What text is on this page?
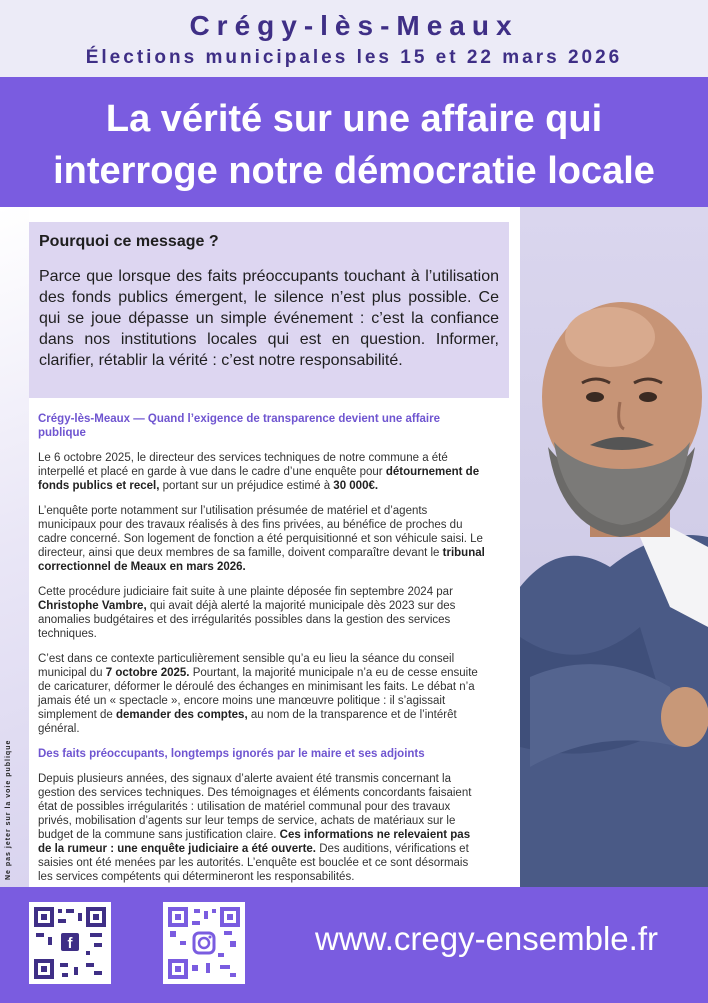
Crégy-lès-Meaux
Élections municipales les 15 et 22 mars 2026
La vérité sur une affaire qui
interroge notre démocratie locale
Pourquoi ce message ?
Parce que lorsque des faits préoccupants touchant à l’utilisation des fonds publics émergent, le silence n’est plus possible. Ce qui se joue dépasse un simple événement : c’est la confiance dans nos institutions locales qui est en question. Informer, clarifier, rétablir la vérité : c’est notre responsabilité.
Crégy-lès-Meaux — Quand l’exigence de transparence devient une affaire publique

Le 6 octobre 2025, le directeur des services techniques de notre commune a été interpellé et placé en garde à vue dans le cadre d’une enquête pour détournement de fonds publics et recel, portant sur un préjudice estimé à 30 000€.

L’enquête porte notamment sur l’utilisation présumée de matériel et d’agents municipaux pour des travaux réalisés à des fins privées, au bénéfice de proches du cadre concerné. Son logement de fonction a été perquisitionné et son véhicule saisi. Le directeur, ainsi que deux membres de sa famille, doivent comparaître devant le tribunal correctionnel de Meaux en mars 2026.

Cette procédure judiciaire fait suite à une plainte déposée fin septembre 2024 par Christophe Vambre, qui avait déjà alerté la majorité municipale dès 2023 sur des anomalies budgétaires et des irrégularités possibles dans la gestion des services techniques.

C’est dans ce contexte particulièrement sensible qu’a eu lieu la séance du conseil municipal du 7 octobre 2025. Pourtant, la majorité municipale n’a eu de cesse ensuite de caricaturer, déformer le déroulé des échanges en minimisant les faits. Le débat n’a jamais été un « spectacle », encore moins une manœuvre politique : il s’agissait simplement de demander des comptes, au nom de la transparence et de l’intérêt général.

Des faits préoccupants, longtemps ignorés par le maire et ses adjoints

Depuis plusieurs années, des signaux d’alerte avaient été transmis concernant la gestion des services techniques. Des témoignages et éléments concordants faisaient état de possibles irrégularités : utilisation de matériel communal pour des travaux privés, mobilisation d’agents sur leur temps de service, achats de matériaux sur le budget de la commune sans justification claire. Ces informations ne relevaient pas de la rumeur : une enquête judiciaire a été ouverte. Des auditions, vérifications et saisies ont été menées par les autorités. L’enquête est bouclée et ce sont désormais les services compétents qui détermineront les responsabilités.

Ne pas jeter sur la voie publique
f	www.cregy-ensemble.fr
